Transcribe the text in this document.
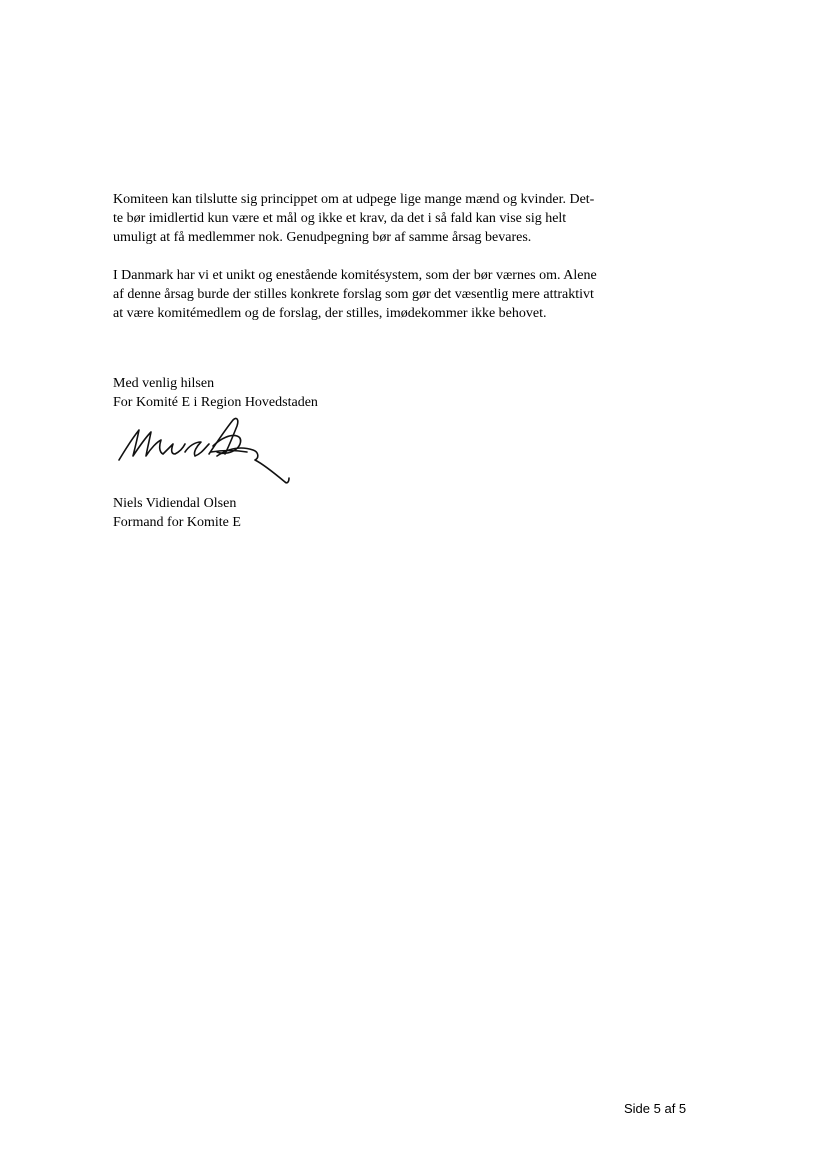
Komiteen kan tilslutte sig princippet om at udpege lige mange mænd og kvinder. Det-
te bør imidlertid kun være et mål og ikke et krav, da det i så fald kan vise sig helt
umuligt at få medlemmer nok. Genudpegning bør af samme årsag bevares.

I Danmark har vi et unikt og enestående komitésystem, som der bør værnes om. Alene
af denne årsag burde der stilles konkrete forslag som gør det væsentlig mere attraktivt
at være komitémedlem og de forslag, der stilles, imødekommer ikke behovet.

Med venlig hilsen
For Komité E i Region Hovedstaden
Niels Vidiendal Olsen
Formand for Komite E
Side 5 af 5
